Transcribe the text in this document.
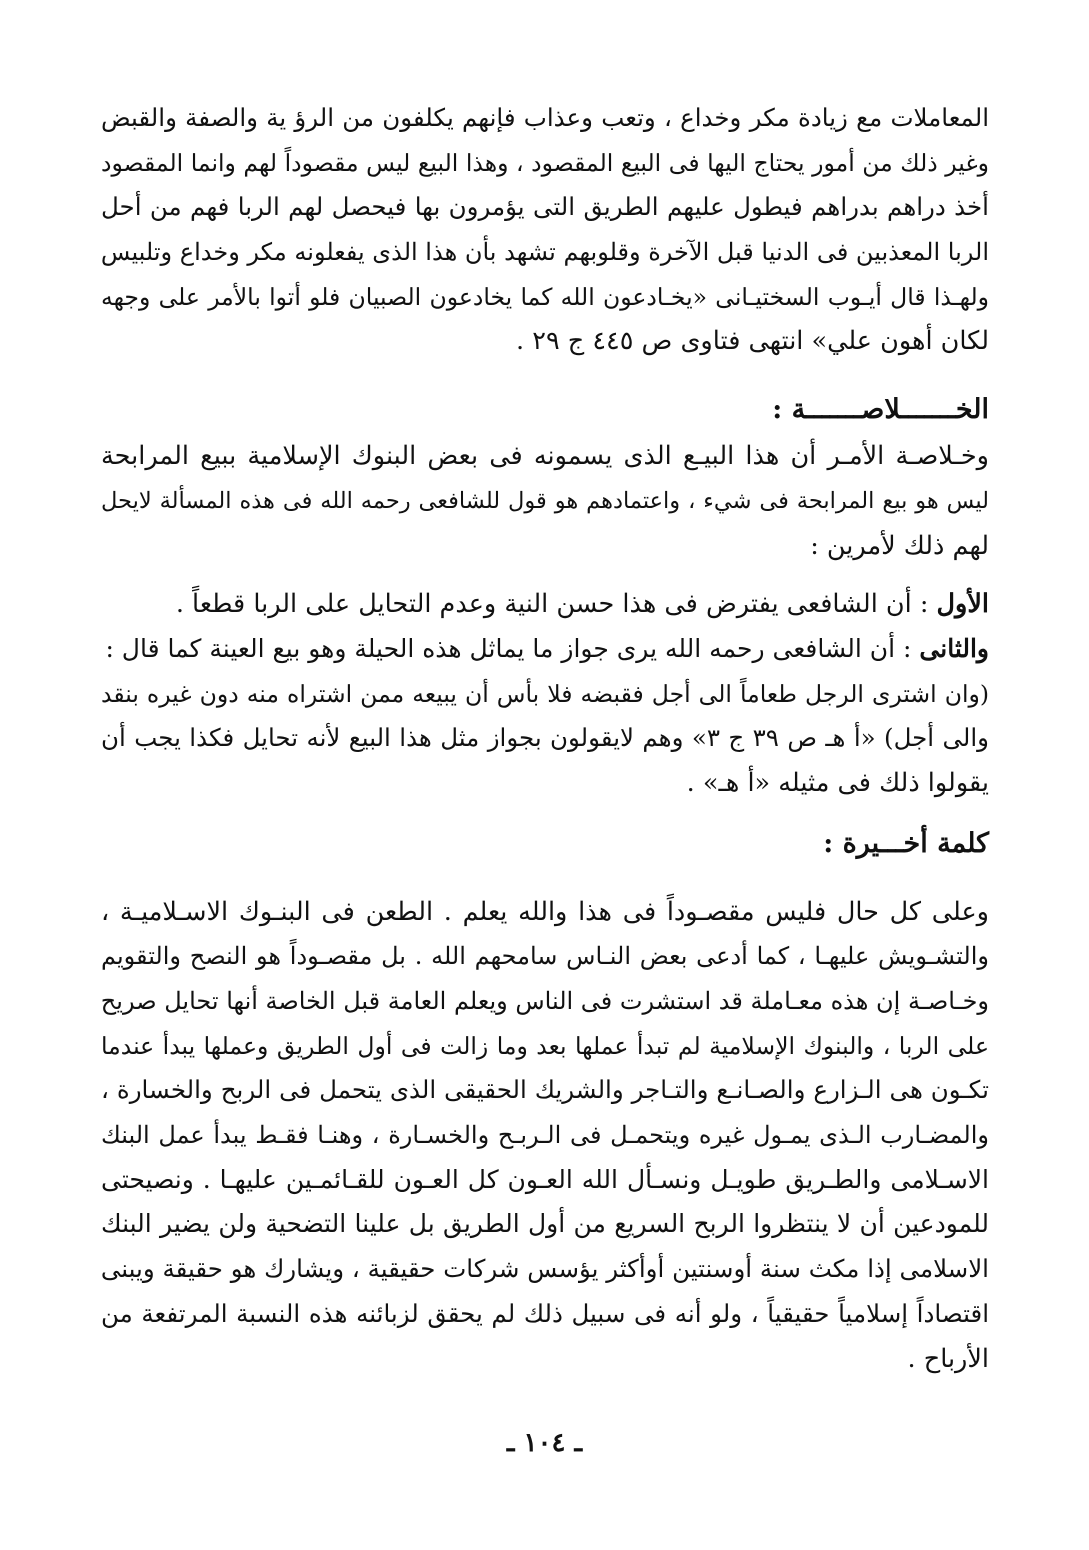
المعاملات مع زيادة مكر وخداع ، وتعب وعذاب فإنهم يكلفون من الرؤ ية والصفة والقبض
وغير ذلك من أمور يحتاج اليها فى البيع المقصود ، وهذا البيع ليس مقصوداً لهم وانما المقصود
أخذ دراهم بدراهم فيطول عليهم الطريق التى يؤمرون بها فيحصل لهم الربا فهم من أحل
الربا المعذبين فى الدنيا قبل الآخرة وقلوبهم تشهد بأن هذا الذى يفعلونه مكر وخداع وتلبيس
ولهـذا قال أيـوب السختيـانى «يخـادعون الله كما يخادعون الصبيان فلو أتوا بالأمر على وجهه
لكان أهون علي» انتهى فتاوى ص ٤٤٥ ج ٢٩ .
الخـــــــلاصـــــــة :
وخـلاصـة الأمـر أن هذا البيـع الذى يسمونه فى بعض البنوك الإسلامية ببيع المرابحة
ليس هو بيع المرابحة فى شيء ، واعتمادهم هو قول للشافعى رحمه الله فى هذه المسألة لايحل
لهم ذلك لأمرين :
الأول : أن الشافعى يفترض فى هذا حسن النية وعدم التحايل على الربا قطعاً .
والثانى : أن الشافعى رحمه الله يرى جواز ما يماثل هذه الحيلة وهو بيع العينة كما قال :
(وان اشترى الرجل طعاماً الى أجل فقبضه فلا بأس أن يبيعه ممن اشتراه منه دون غيره بنقد
والى أجل) «أ هـ ص ٣٩ ج ٣» وهم لايقولون بجواز مثل هذا البيع لأنه تحايل فكذا يجب أن
يقولوا ذلك فى مثيله «أ هـ» .
كلمة أخـــيرة :
وعلى كل حال فليس مقصـوداً فى هذا والله يعلم . الطعن فى البنـوك الاسـلاميـة ،
والتشـويش عليهـا ، كما أدعى بعض النـاس سامحهم الله . بل مقصـوداً هو النصح والتقويم
وخـاصـة إن هذه معـاملة قد استشرت فى الناس ويعلم العامة قبل الخاصة أنها تحايل صريح
على الربا ، والبنوك الإسلامية لم تبدأ عملها بعد وما زالت فى أول الطريق وعملها يبدأ عندما
تكـون هى الـزارع والصـانـع والتـاجر والشريك الحقيقى الذى يتحمل فى الربح والخسارة ،
والمضـارب الـذى يمـول غيره ويتحمـل فى الـربـح والخسـارة ، وهنـا فقـط يبدأ عمل البنك
الاسـلامى والطـريق طويـل ونسـأل الله العـون كل العـون للقـائمـين عليهـا . ونصيحتى
للمودعين أن لا ينتظروا الربح السريع من أول الطريق بل علينا التضحية ولن يضير البنك
الاسلامى إذا مكث سنة أوسنتين أوأكثر يؤسس شركات حقيقية ، ويشارك هو حقيقة ويبنى
اقتصاداً إسلامياً حقيقياً ، ولو أنه فى سبيل ذلك لم يحقق لزبائنه هذه النسبة المرتفعة من
الأرباح .
ـ ١٠٤ ـ
